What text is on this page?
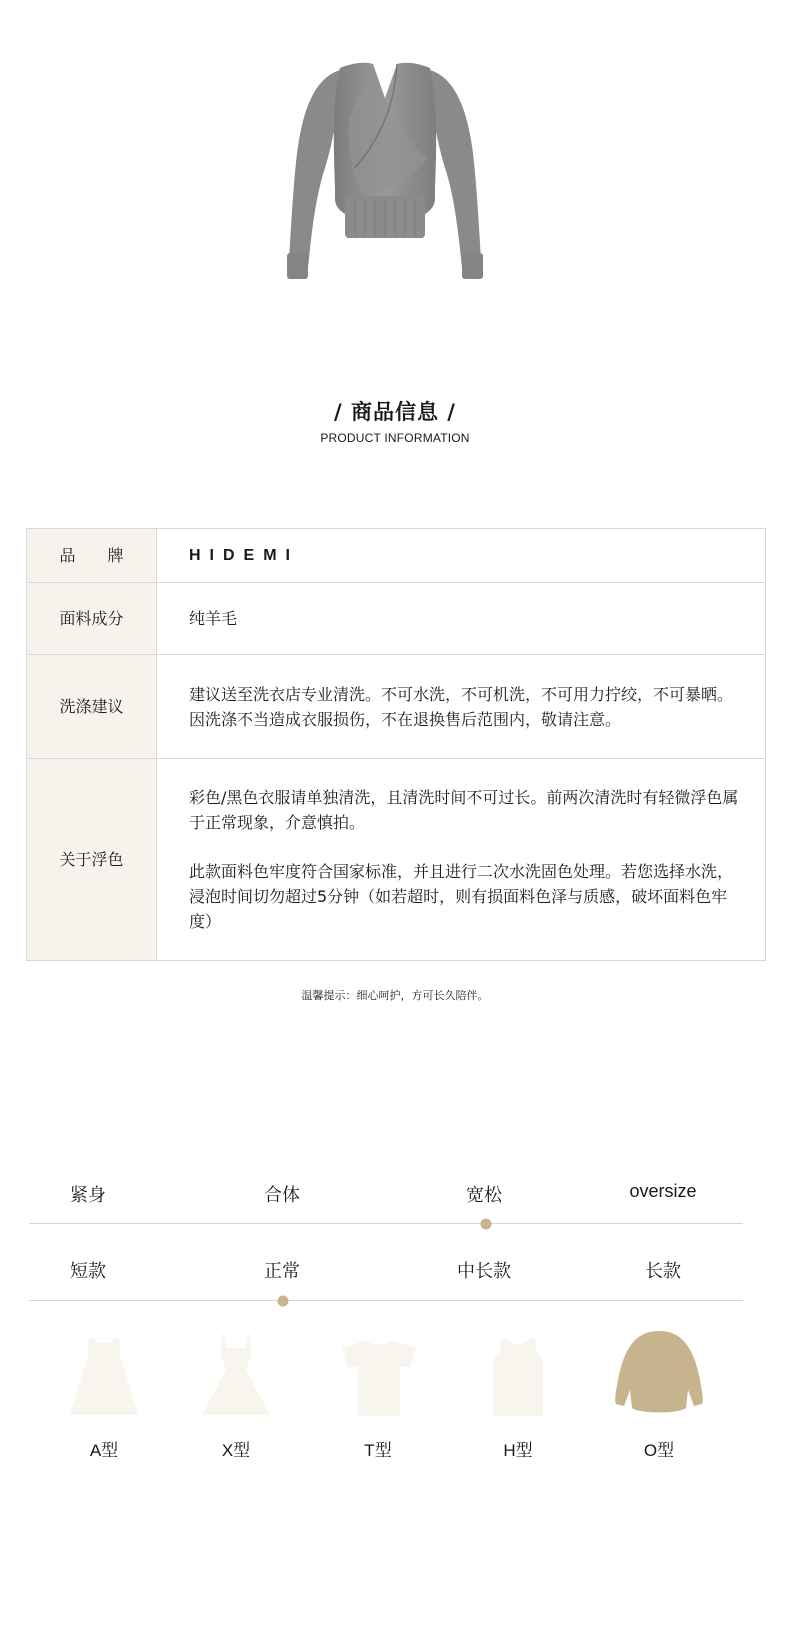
/ 商品信息 /
PRODUCT INFORMATION
品　　牌	HIDEMI
面料成分	纯羊毛
洗涤建议	建议送至洗衣店专业清洗。不可水洗，不可机洗，不可用力拧绞，不可暴晒。因洗涤不当造成衣服损伤，不在退换售后范围内，敬请注意。
关于浮色	彩色/黑色衣服请单独清洗，且清洗时间不可过长。前两次清洗时有轻微浮色属于正常现象，介意慎拍。
此款面料色牢度符合国家标准，并且进行二次水洗固色处理。若您选择水洗，浸泡时间切勿超过5分钟（如若超时，则有损面料色泽与质感，破坏面料色牢度）
温馨提示：细心呵护，方可长久陪伴。
紧身	合体	宽松	oversize
短款	正常	中长款	长款
A型	X型	T型	H型	O型
